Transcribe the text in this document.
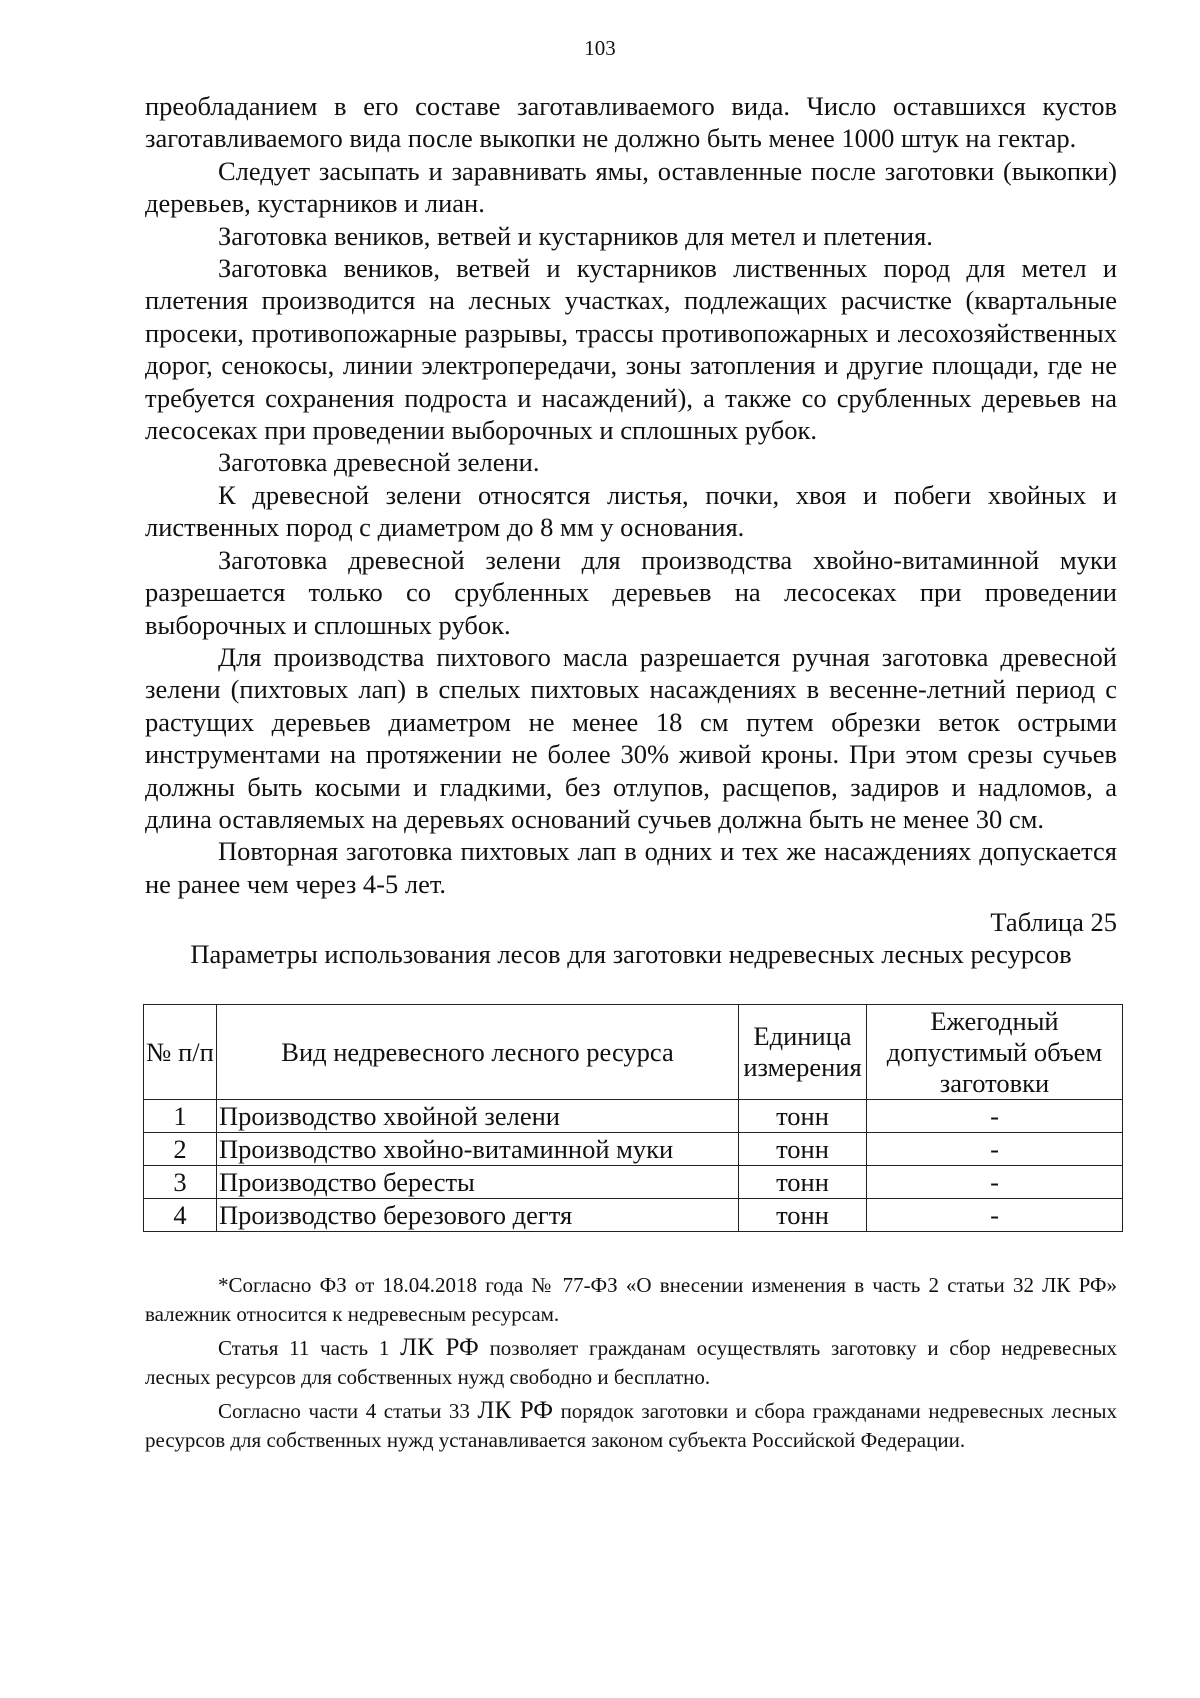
103

преобладанием в его составе заготавливаемого вида. Число оставшихся кустов заготавливаемого вида после выкопки не должно быть менее 1000 штук на гектар.

Следует засыпать и заравнивать ямы, оставленные после заготовки (выкопки) деревьев, кустарников и лиан.

Заготовка веников, ветвей и кустарников для метел и плетения.

Заготовка веников, ветвей и кустарников лиственных пород для метел и плетения производится на лесных участках, подлежащих расчистке (квартальные просеки, противопожарные разрывы, трассы противопожарных и лесохозяйственных дорог, сенокосы, линии электропередачи, зоны затопления и другие площади, где не требуется сохранения подроста и насаждений), а также со срубленных деревьев на лесосеках при проведении выборочных и сплошных рубок.

Заготовка древесной зелени.

К древесной зелени относятся листья, почки, хвоя и побеги хвойных и лиственных пород с диаметром до 8 мм у основания.

Заготовка древесной зелени для производства хвойно-витаминной муки разрешается только со срубленных деревьев на лесосеках при проведении выборочных и сплошных рубок.

Для производства пихтового масла разрешается ручная заготовка древесной зелени (пихтовых лап) в спелых пихтовых насаждениях в весенне-летний период с растущих деревьев диаметром не менее 18 см путем обрезки веток острыми инструментами на протяжении не более 30% живой кроны. При этом срезы сучьев должны быть косыми и гладкими, без отлупов, расщепов, задиров и надломов, а длина оставляемых на деревьях оснований сучьев должна быть не менее 30 см.

Повторная заготовка пихтовых лап в одних и тех же насаждениях допускается не ранее чем через 4-5 лет.

Таблица 25
Параметры использования лесов для заготовки недревесных лесных ресурсов
№ п/п	Вид недревесного лесного ресурса	Единица измерения	Ежегодный допустимый объем заготовки
1	Производство хвойной зелени	тонн	-
2	Производство хвойно-витаминной муки	тонн	-
3	Производство бересты	тонн	-
4	Производство березового дегтя	тонн	-

*Согласно ФЗ от 18.04.2018 года № 77-ФЗ «О внесении изменения в часть 2 статьи 32 ЛК РФ» валежник относится к недревесным ресурсам.

Статья 11 часть 1 ЛК РФ позволяет гражданам осуществлять заготовку и сбор недревесных лесных ресурсов для собственных нужд свободно и бесплатно.

Согласно части 4 статьи 33 ЛК РФ порядок заготовки и сбора гражданами недревесных лесных ресурсов для собственных нужд устанавливается законом субъекта Российской Федерации.
